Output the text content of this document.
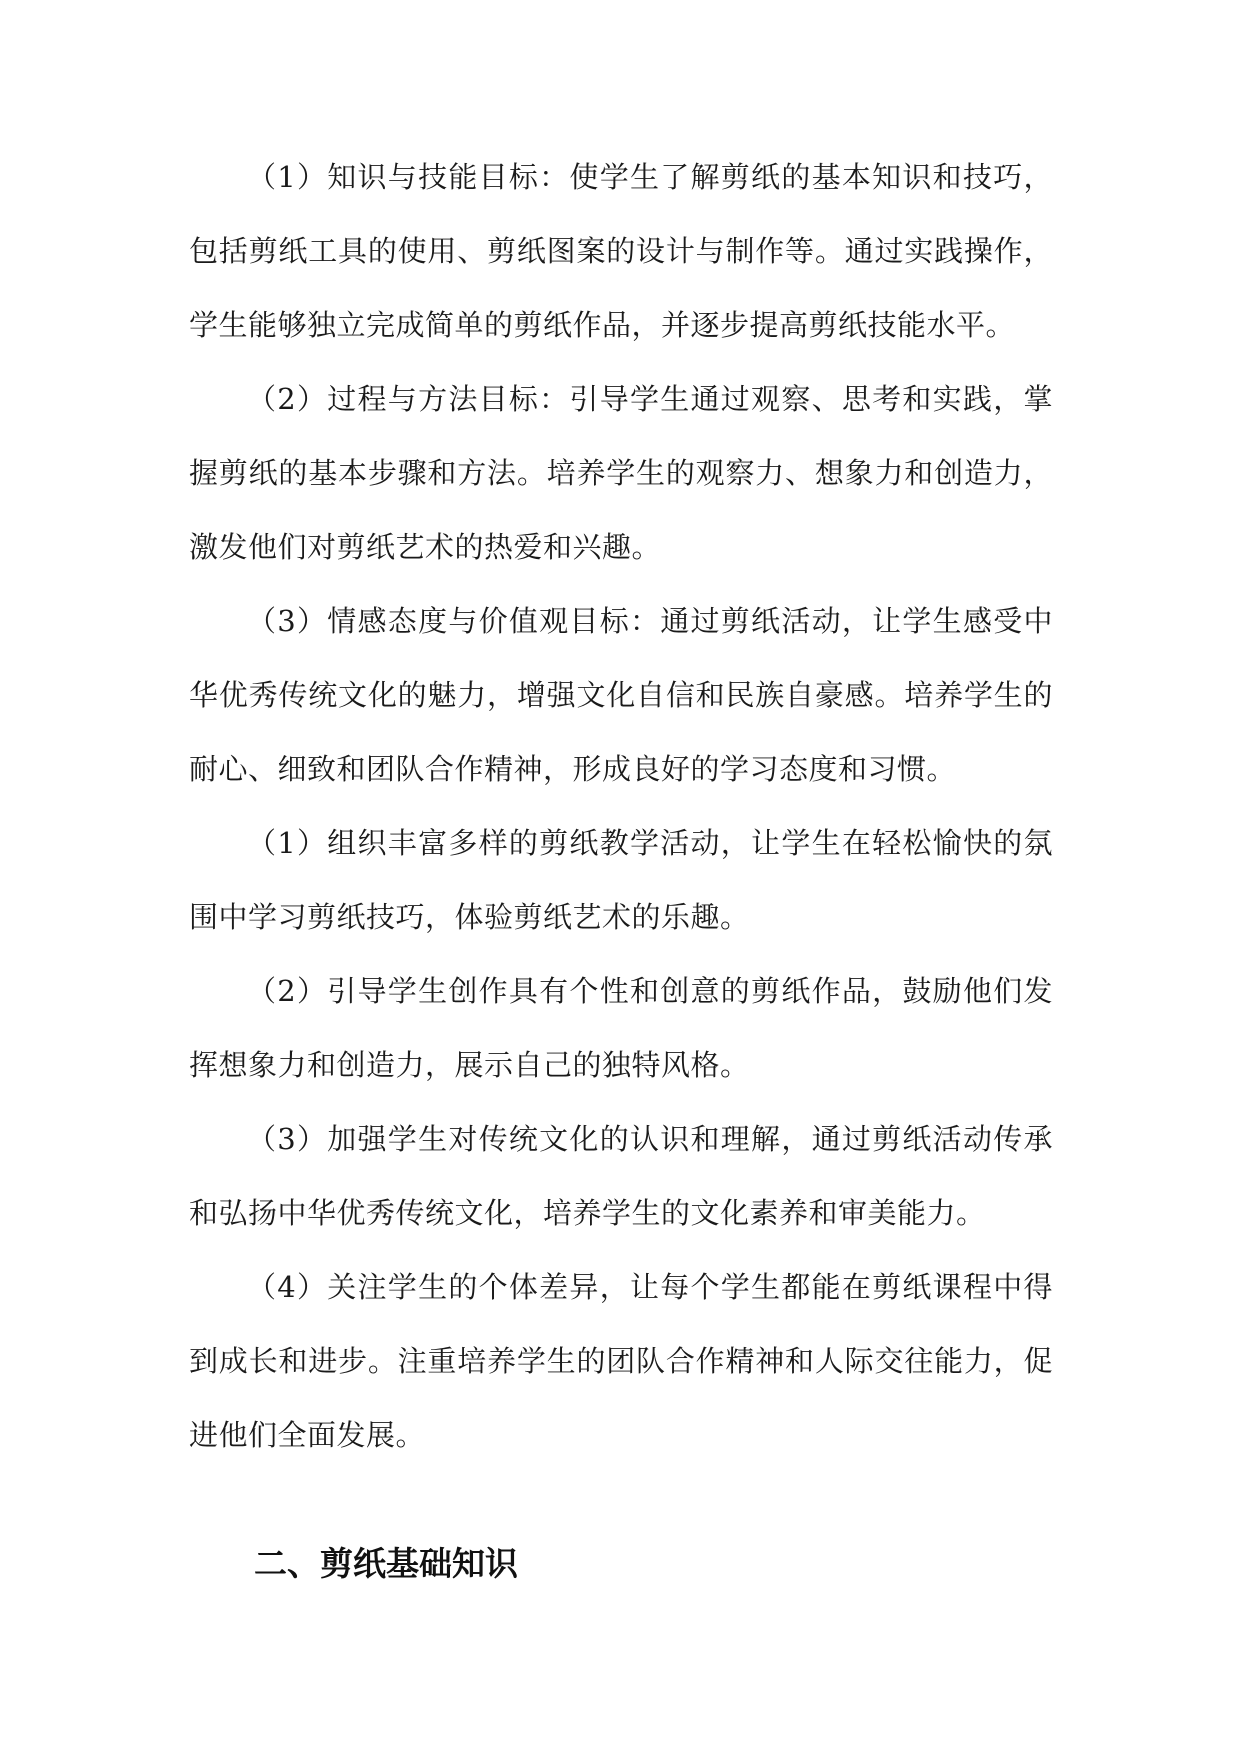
（1）知识与技能目标：使学生了解剪纸的基本知识和技巧，包括剪纸工具的使用、剪纸图案的设计与制作等。通过实践操作，学生能够独立完成简单的剪纸作品，并逐步提高剪纸技能水平。

（2）过程与方法目标：引导学生通过观察、思考和实践，掌握剪纸的基本步骤和方法。培养学生的观察力、想象力和创造力，激发他们对剪纸艺术的热爱和兴趣。

（3）情感态度与价值观目标：通过剪纸活动，让学生感受中华优秀传统文化的魅力，增强文化自信和民族自豪感。培养学生的耐心、细致和团队合作精神，形成良好的学习态度和习惯。

（1）组织丰富多样的剪纸教学活动，让学生在轻松愉快的氛围中学习剪纸技巧，体验剪纸艺术的乐趣。

（2）引导学生创作具有个性和创意的剪纸作品，鼓励他们发挥想象力和创造力，展示自己的独特风格。

（3）加强学生对传统文化的认识和理解，通过剪纸活动传承和弘扬中华优秀传统文化，培养学生的文化素养和审美能力。

（4）关注学生的个体差异，让每个学生都能在剪纸课程中得到成长和进步。注重培养学生的团队合作精神和人际交往能力，促进他们全面发展。

二、剪纸基础知识
